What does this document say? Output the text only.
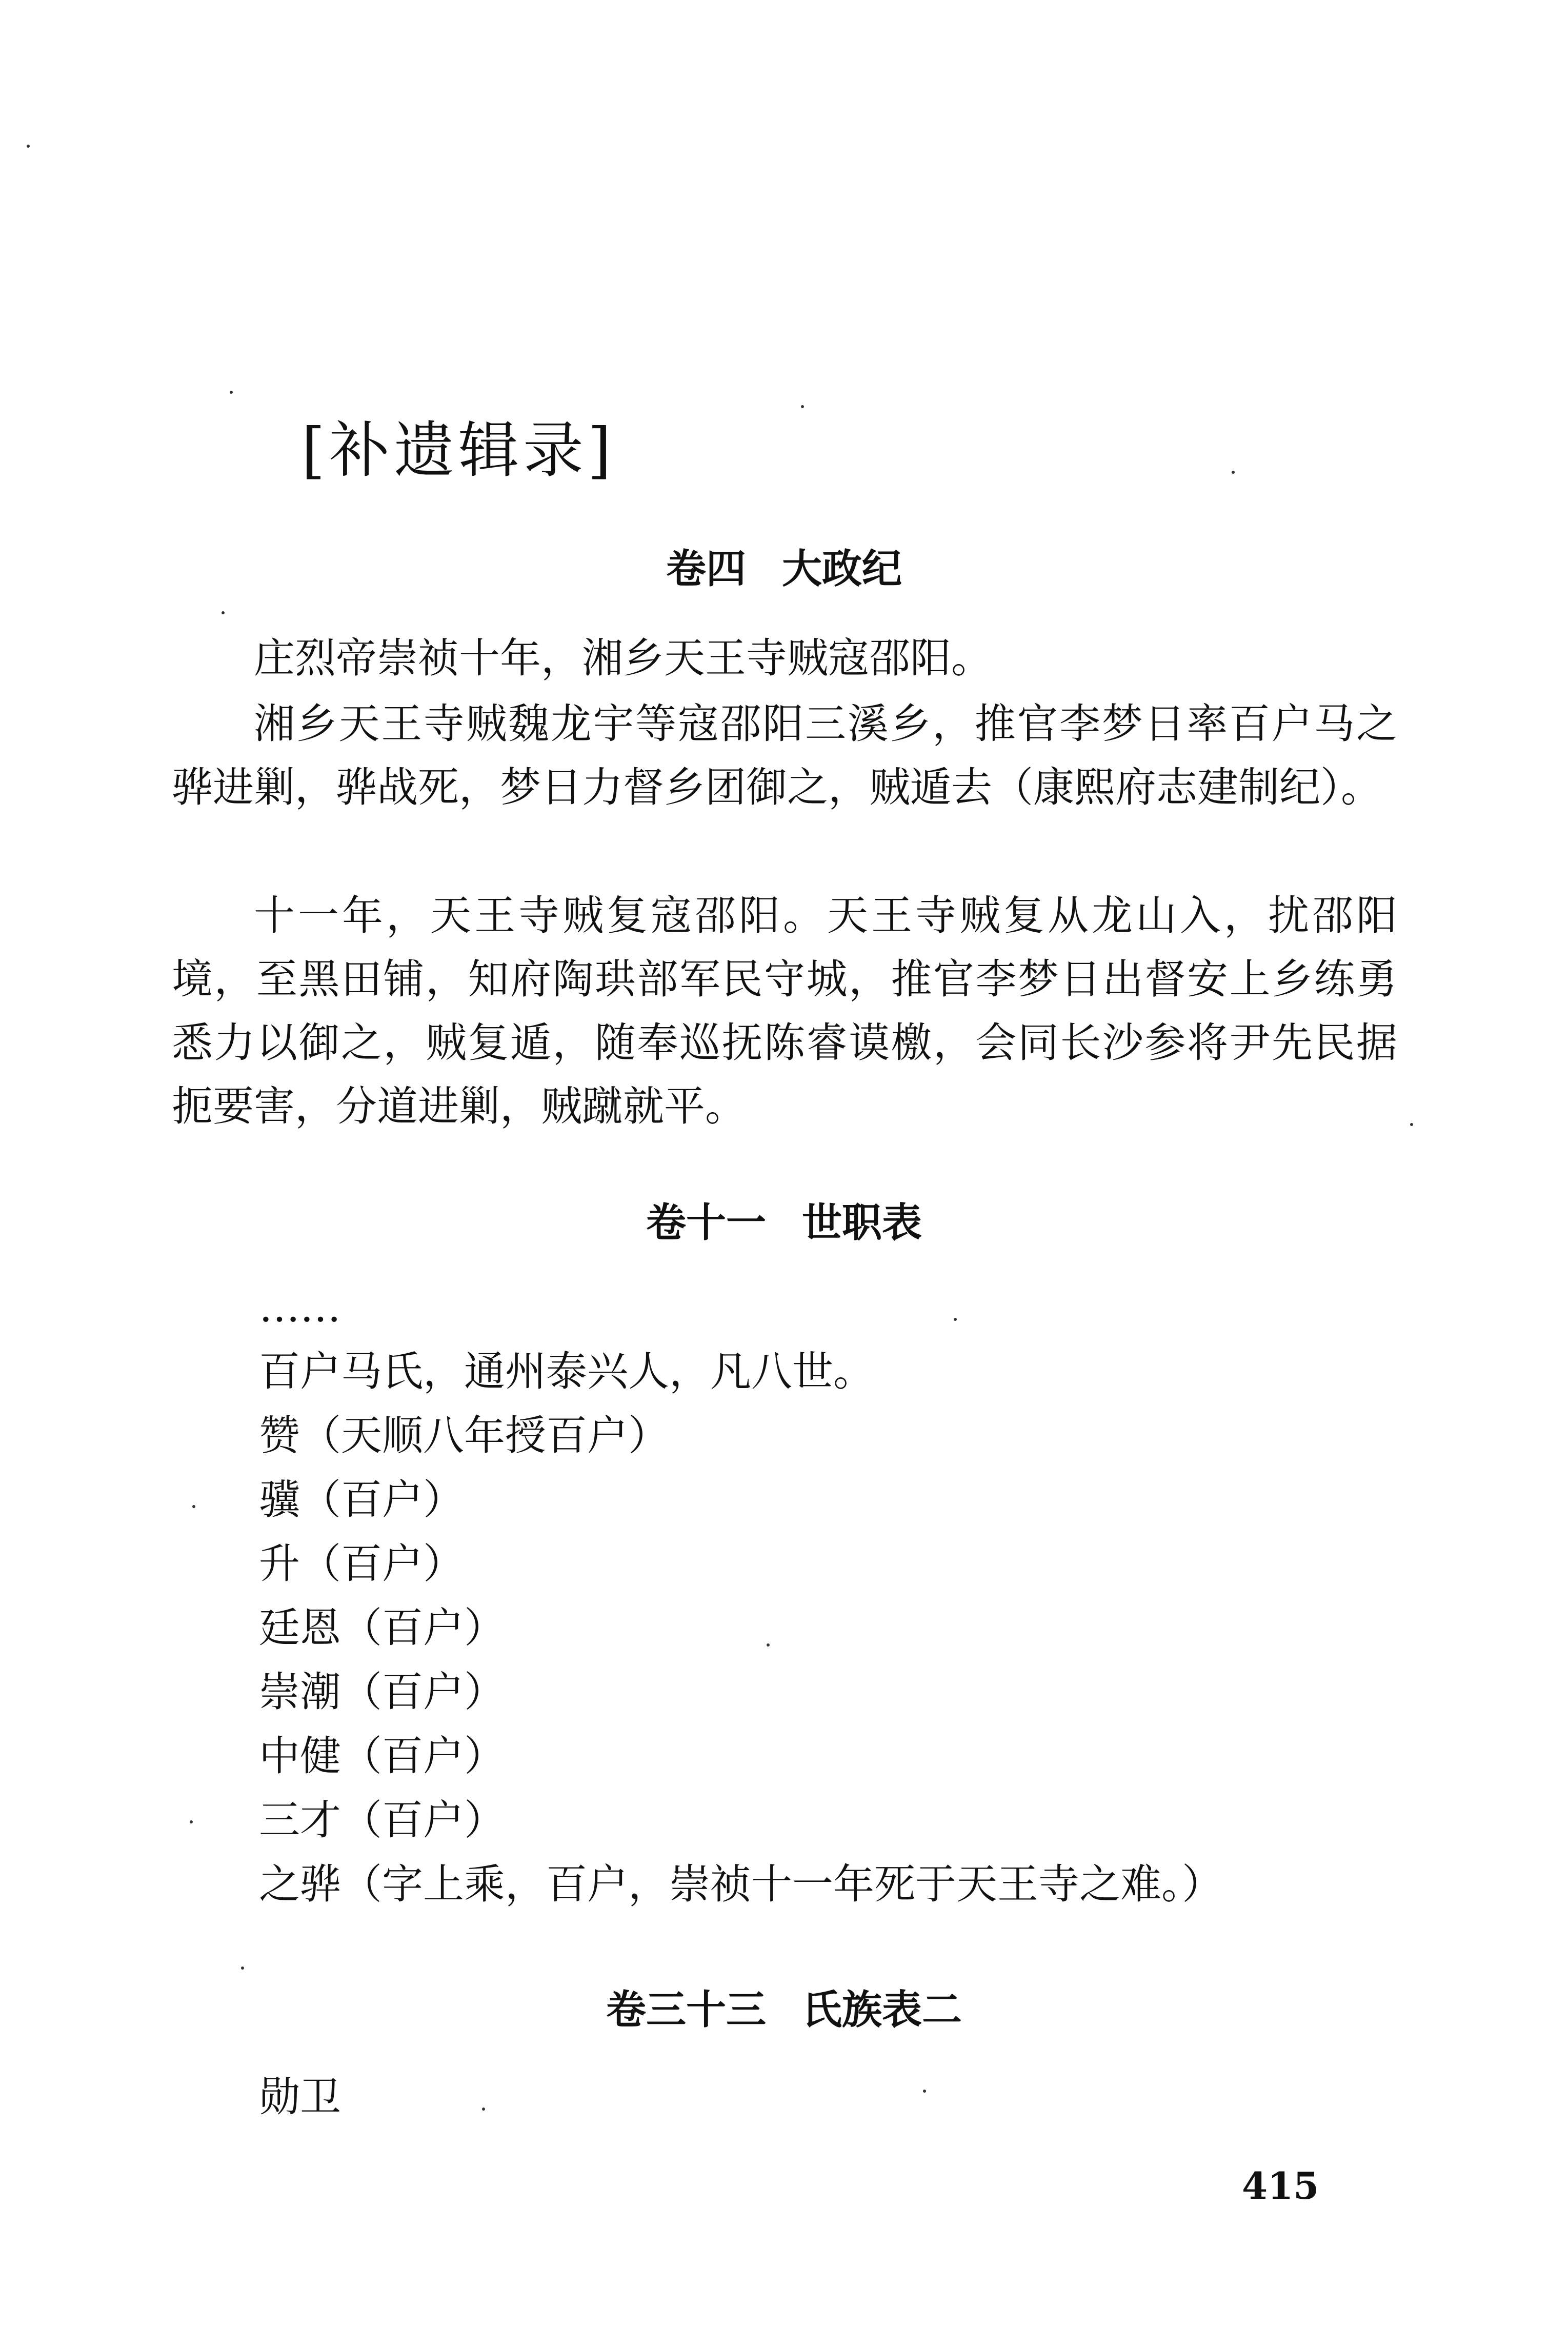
[补遗辑录]
卷四 大政纪

庄烈帝崇祯十年，湘乡天王寺贼寇邵阳。

湘乡天王寺贼魏龙宇等寇邵阳三溪乡，推官李梦日率百户马之骅进剿，骅战死，梦日力督乡团御之，贼遁去（康熙府志建制纪）。

十一年，天王寺贼复寇邵阳。天王寺贼复从龙山入，扰邵阳境，至黑田铺，知府陶珙部军民守城，推官李梦日出督安上乡练勇悉力以御之，贼复遁，随奉巡抚陈睿谟檄，会同长沙参将尹先民据扼要害，分道进剿，贼蹴就平。

卷十一 世职表
……
百户马氏，通州泰兴人，凡八世。
赞（天顺八年授百户）
骥（百户）
升（百户）
廷恩（百户）
崇潮（百户）
中健（百户）
三才（百户）
之骅（字上乘，百户，崇祯十一年死于天王寺之难。）
卷三十三 氏族表二
勋卫
415
